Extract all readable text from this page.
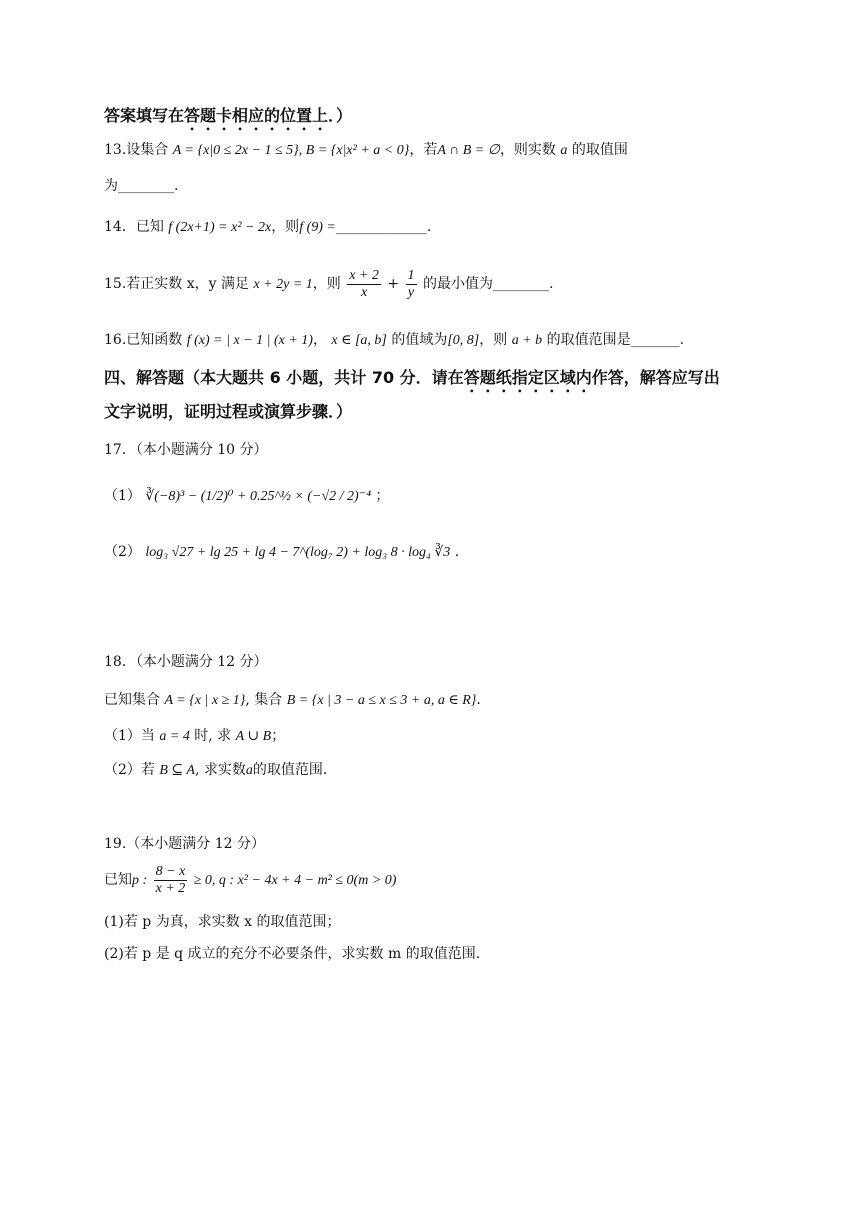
答案填写在答题卡相应的位置上．）
13.设集合 A = {x|0 ≤ 2x − 1 ≤ 5}, B = {x|x² + a < 0}，若A ∩ B = ∅，则实数 a 的取值围
为________.
14．已知 f (2x+1) = x² − 2x，则f (9) =_____________.
15.若正实数 x，y 满足 x + 2y = 1，则 $\frac{x + 2}{x} + \frac{1}{y}$ 的最小值为________.
16.已知函数 f (x) = | x − 1 | (x + 1)， x ∈ [a, b] 的值域为[0, 8]，则 a + b 的取值范围是_______.
四、解答题（本大题共 6 小题，共计 70 分．请在答题纸指定区域内作答，解答应写出
文字说明，证明过程或演算步骤．）
17．（本小题满分 10 分）
（1） ∛(−8)³ − (1/2)⁰ + 0.25^½ × (−√2 / 2)⁻⁴ ；
（2） log₃ √27 + lg 25 + lg 4 − 7^(log₇ 2) + log₃ 8 · log₄ ∛3 .
18．（本小题满分 12 分）
已知集合 A = {x | x ≥ 1}, 集合 B = {x | 3 − a ≤ x ≤ 3 + a, a ∈ R}.
（1）当 a = 4 时, 求 A ∪ B；
（2）若 B ⊆ A, 求实数a的取值范围.
19.（本小题满分 12 分）
已知p : $\frac{8 - x}{x + 2} \ge 0$, q : x² − 4x + 4 − m² ≤ 0(m > 0)
(1)若 p 为真，求实数 x 的取值范围；
(2)若 p 是 q 成立的充分不必要条件，求实数 m 的取值范围.
